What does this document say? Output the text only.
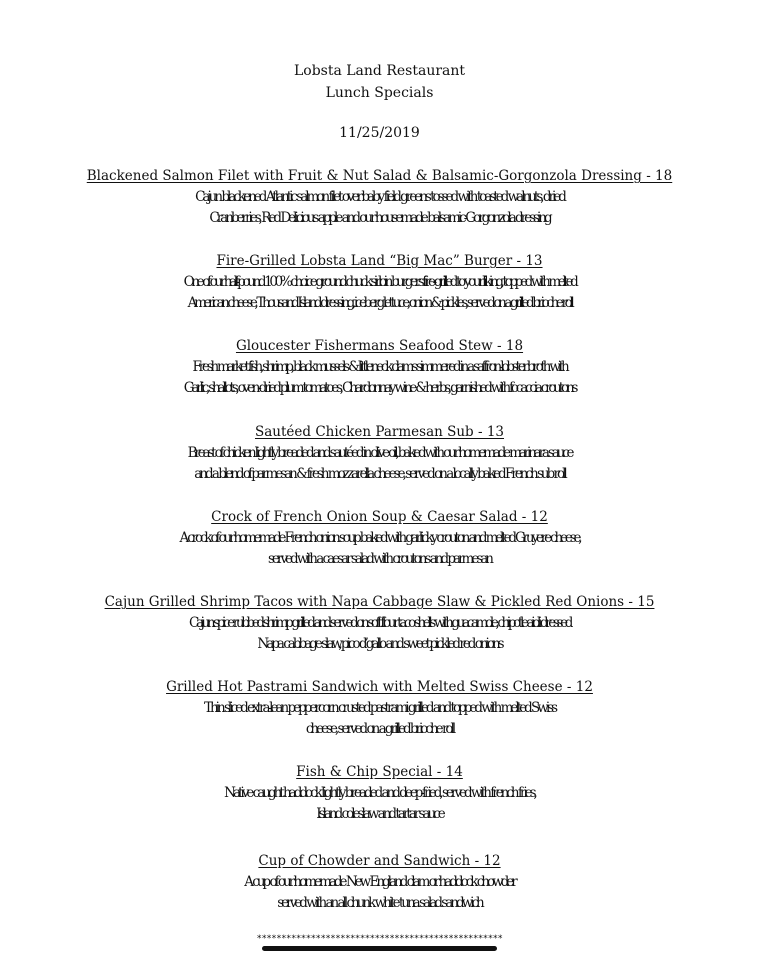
Lobsta Land Restaurant
Lunch Specials
11/25/2019
Blackened Salmon Filet with Fruit & Nut Salad & Balsamic-Gorgonzola Dressing - 18
Cajun blackened Atlantic salmon filet over baby field greens tossed with toasted walnuts, dried
Cranberries, Red Delicious apple and our housemade balsamic-Gorgonzola dressing
Fire-Grilled Lobsta Land “Big Mac” Burger - 13
One of our half-pound 100% choice ground chuck sirloin burgers fire-grilled to your liking, topped with melted
American cheese, Thousand Island dressing, iceberg lettuce, onion & pickles, served on a grilled brioche roll
Gloucester Fishermans Seafood Stew - 18
Fresh market fish, shrimp, black mussels & littleneck clams simmered in a saffron-lobster broth with
Garlic, shallots, oven-dried plum tomatoes, Chardonnay wine & herbs, garnished with focaccia croutons
Sautéed Chicken Parmesan Sub - 13
Breast of chicken lightly breaded and sautéed in olive oil, baked with our homemade marinara sauce
and a blend of parmesan & fresh mozzarella cheese, served on a locally baked French sub roll
Crock of French Onion Soup & Caesar Salad - 12
A crock of our homemade French onion soup baked with garlicky crouton and melted Gruyere cheese,
served with a caesar salad with croutons and parmesan
Cajun Grilled Shrimp Tacos with Napa Cabbage Slaw & Pickled Red Onions - 15
Cajun spice rubbed shrimp grilled and served on soft flour taco shells with guacamole, chipotle aioli dressed
Napa cabbage slaw, pico d’gallo and sweet pickled red onions
Grilled Hot Pastrami Sandwich with Melted Swiss Cheese - 12
Thin sliced extra-lean peppercorn crusted pastrami grilled and topped with melted Swiss
cheese, served on a grilled brioche roll
Fish & Chip Special - 14
Native caught haddock lightly breaded and deep-fried, served with french fries,
Island coleslaw and tartar sauce
Cup of Chowder and Sandwich - 12
A cup of our homemade New England clam or haddock chowder
served with an all chunk white tuna salad sandwich
**************************************************
